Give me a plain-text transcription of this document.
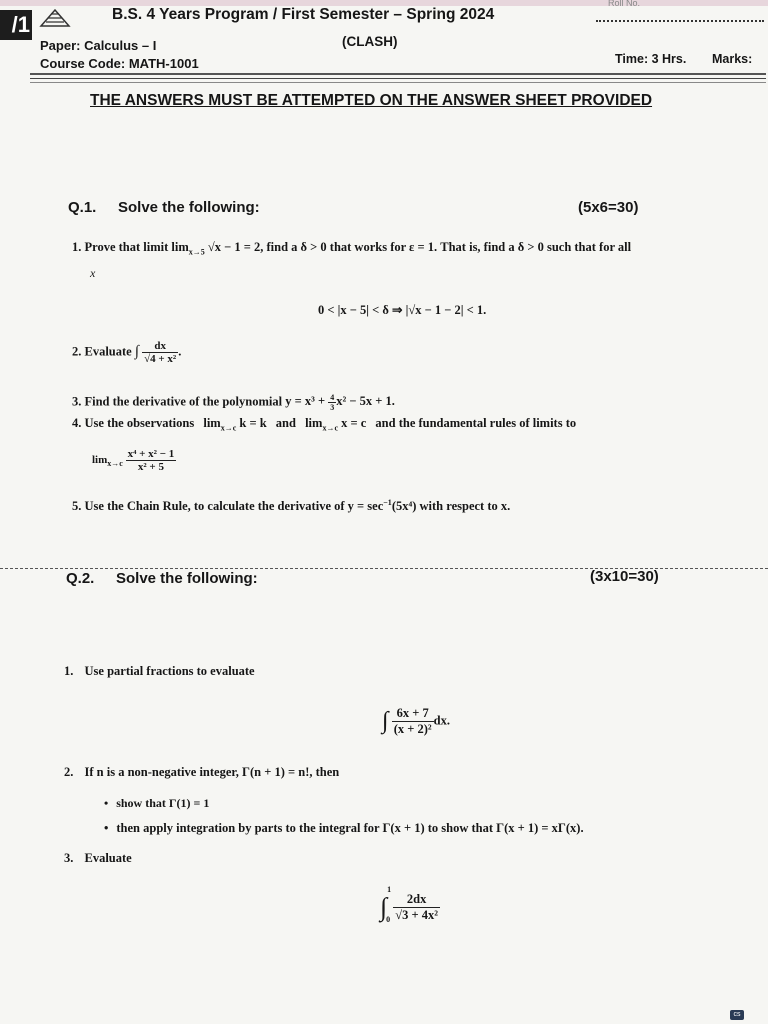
/1	B.S. 4 Years Program / First Semester – Spring 2024
Roll No.
Paper: Calculus – I	(CLASH)
Course Code: MATH-1001	Time: 3 Hrs. Marks:
THE ANSWERS MUST BE ATTEMPTED ON THE ANSWER SHEET PROVIDED
Q.1. Solve the following:	(5x6=30)
1. Prove that limit $\lim_{x\to 5} √x - 1 = 2$, find a δ > 0 that works for ε = 1. That is, find a δ > 0 such that for all
x
0 < |x − 5| < δ ⇒ |√x − 1 − 2| < 1.
2. Evaluate ∫ $\frac{dx}{\text{√4 + x²}}$ .
3. Find the derivative of the polynomial $y = x^3 + \frac{4}{3} x^2 - 5x + 1$.
4. Use the observations $\lim_{x\to c} k = k$ and $\lim_{x\to c} x = c$ and the fundamental rules of limits to
$\lim_{x\to c} \frac{\text{x⁴ + x² − 1}}{\text{x² + 5}}$
5. Use the Chain Rule, to calculate the derivative of $y = \sec^{-1}(5x^4)$ with respect to x.
Q.2. Solve the following:	(3x10=30)
1. Use partial fractions to evaluate
∫ $\frac{6x + 7}{\text{(x + 2)²}}$ dx.
2. If n is a non-negative integer, Γ(n + 1) = n!, then
• show that Γ(1) = 1
• then apply integration by parts to the integral for Γ(x + 1) to show that Γ(x + 1) = xΓ(x).
3. Evaluate
$\int^1_0 \frac{2dx}{\text{√3 + 4x²}}$
cs
